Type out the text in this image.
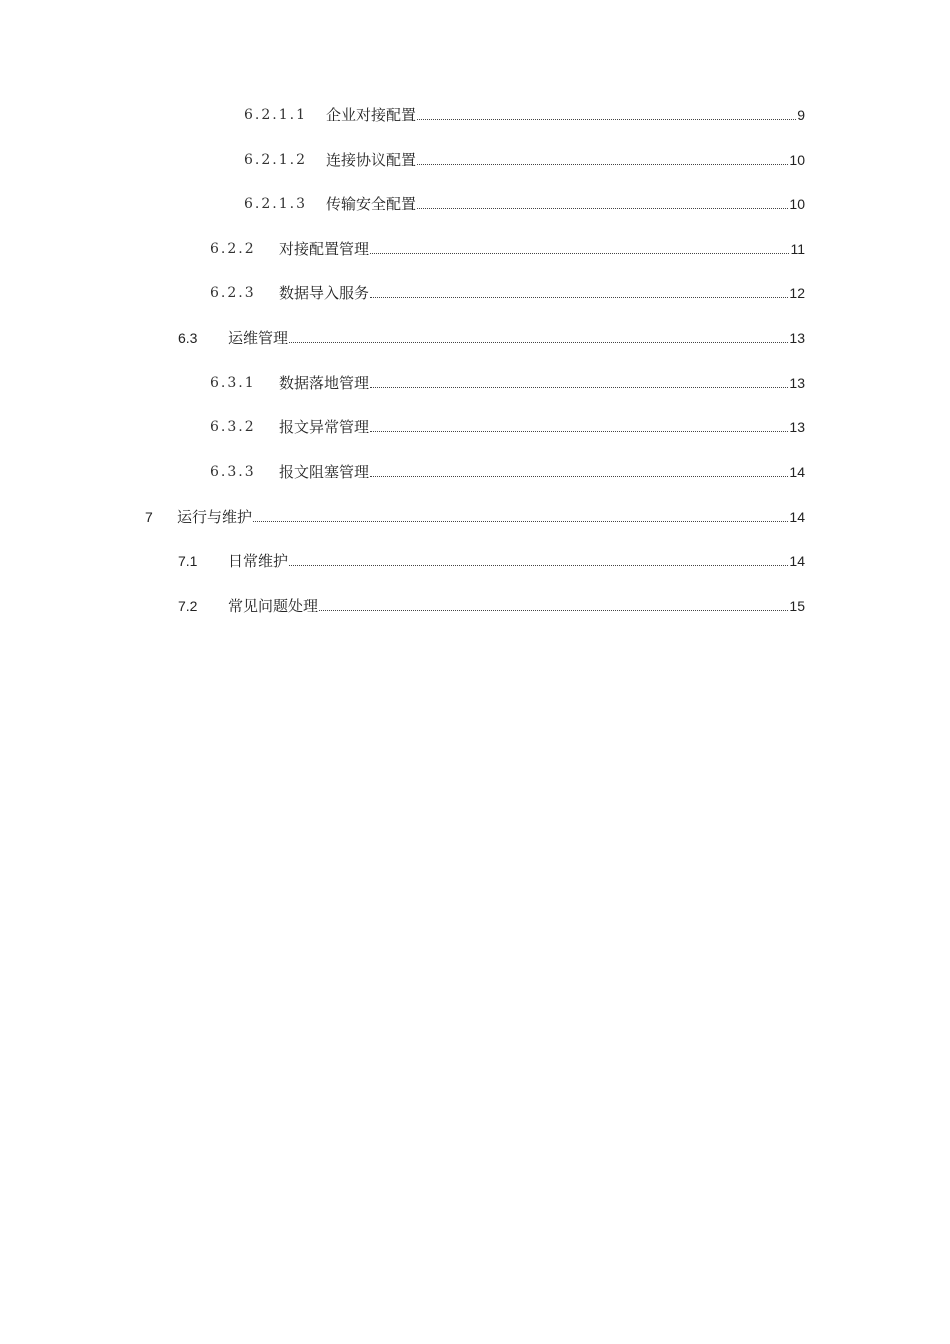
6.2.1.1	企业对接配置	9
6.2.1.2	连接协议配置	10
6.2.1.3	传输安全配置	10
6.2.2	对接配置管理	11
6.2.3	数据导入服务	12
6.3	运维管理	13
6.3.1	数据落地管理	13
6.3.2	报文异常管理	13
6.3.3	报文阻塞管理	14
7	运行与维护	14
7.1	日常维护	14
7.2	常见问题处理	15
